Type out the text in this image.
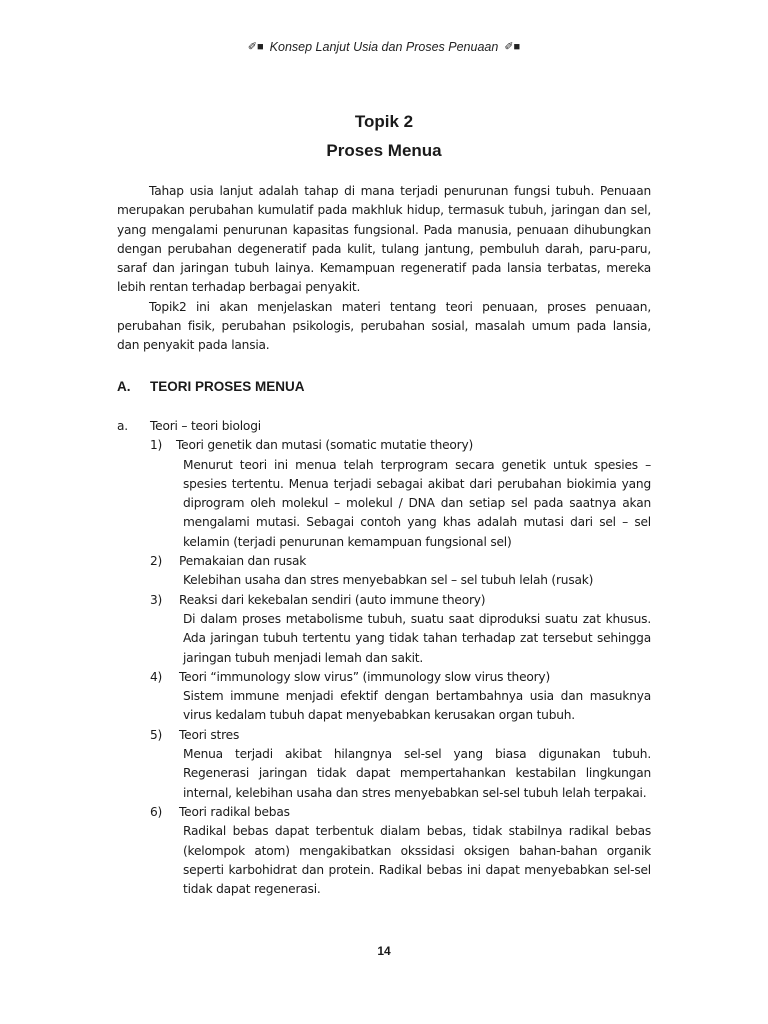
✐■ Konsep Lanjut Usia dan Proses Penuaan ✐■
Topik 2
Proses Menua

Tahap usia lanjut adalah tahap di mana terjadi penurunan fungsi tubuh. Penuaan merupakan perubahan kumulatif pada makhluk hidup, termasuk tubuh, jaringan dan sel, yang mengalami penurunan kapasitas fungsional. Pada manusia, penuaan dihubungkan dengan perubahan degeneratif pada kulit, tulang jantung, pembuluh darah, paru-paru, saraf dan jaringan tubuh lainya. Kemampuan regeneratif pada lansia terbatas, mereka lebih rentan terhadap berbagai penyakit.

Topik2 ini akan menjelaskan materi tentang teori penuaan, proses penuaan, perubahan fisik, perubahan psikologis, perubahan sosial, masalah umum pada lansia, dan penyakit pada lansia.

A. TEORI PROSES MENUA
a. Teori – teori biologi
1)	Teori genetik dan mutasi (somatic mutatie theory)
Menurut teori ini menua telah terprogram secara genetik untuk spesies – spesies tertentu. Menua terjadi sebagai akibat dari perubahan biokimia yang diprogram oleh molekul – molekul / DNA dan setiap sel pada saatnya akan mengalami mutasi. Sebagai contoh yang khas adalah mutasi dari sel – sel kelamin (terjadi penurunan kemampuan fungsional sel)
2)	Pemakaian dan rusak
Kelebihan usaha dan stres menyebabkan sel – sel tubuh lelah (rusak)
3)	Reaksi dari kekebalan sendiri (auto immune theory)
Di dalam proses metabolisme tubuh, suatu saat diproduksi suatu zat khusus. Ada jaringan tubuh tertentu yang tidak tahan terhadap zat tersebut sehingga jaringan tubuh menjadi lemah dan sakit.
4)	Teori “immunology slow virus” (immunology slow virus theory)
Sistem immune menjadi efektif dengan bertambahnya usia dan masuknya virus kedalam tubuh dapat menyebabkan kerusakan organ tubuh.
5)	Teori stres
Menua terjadi akibat hilangnya sel-sel yang biasa digunakan tubuh. Regenerasi jaringan tidak dapat mempertahankan kestabilan lingkungan internal, kelebihan usaha dan stres menyebabkan sel-sel tubuh lelah terpakai.
6)	Teori radikal bebas
Radikal bebas dapat terbentuk dialam bebas, tidak stabilnya radikal bebas (kelompok atom) mengakibatkan okssidasi oksigen bahan-bahan organik seperti karbohidrat dan protein. Radikal bebas ini dapat menyebabkan sel-sel tidak dapat regenerasi.
14
